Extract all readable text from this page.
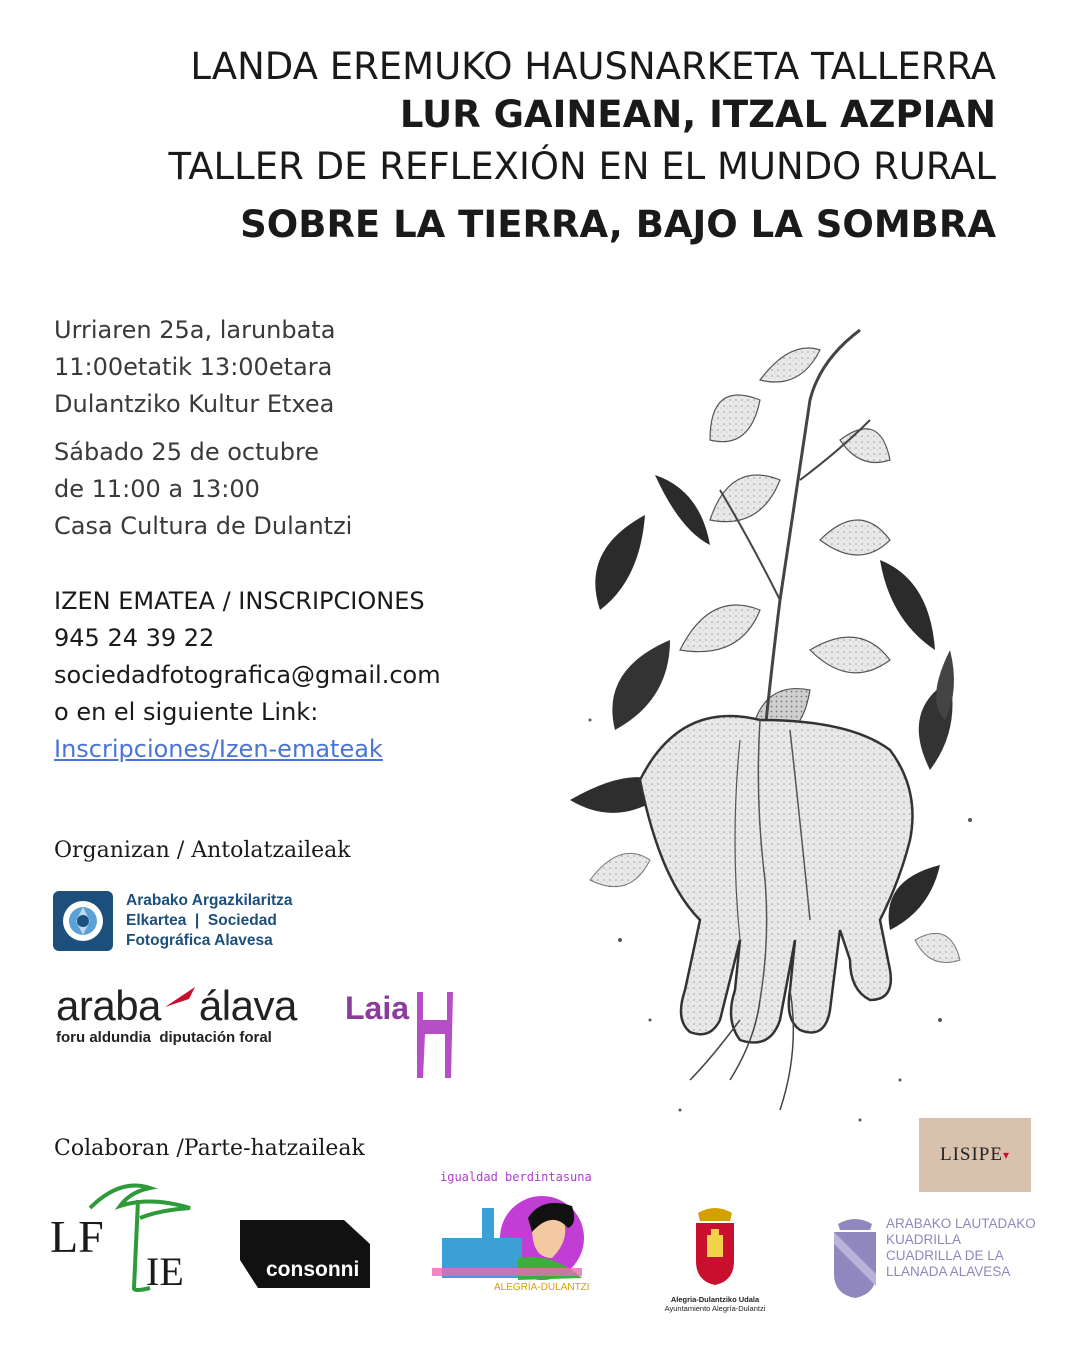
LANDA EREMUKO HAUSNARKETA TALLERRA
LUR GAINEAN, ITZAL AZPIAN
TALLER DE REFLEXIÓN EN EL MUNDO RURAL
SOBRE LA TIERRA, BAJO LA SOMBRA
Urriaren 25a, larunbata
11:00etatik 13:00etara
Dulantziko Kultur Etxea
Sábado 25 de octubre
de 11:00 a 13:00
Casa Cultura de Dulantzi
IZEN EMATEA / INSCRIPCIONES
945 24 39 22
sociedadfotografica@gmail.com
o en el siguiente Link:
Inscripciones/Izen-emateak
Organizan / Antolatzaileak
Arabako Argazkilaritza
Elkartea  |  Sociedad
Fotográfica Alavesa
araba álava
foru aldundia diputación foral
Laia
Colaboran /Parte-hatzaileak	LISIPE ▾
LF
IE	consonni
igualdad berdintasuna
ALEGRÍA-DULANTZI
Alegria-Dulantziko Udala
Ayuntamiento Alegría-Dulantzi
ARABAKO LAUTADAKO
KUADRILLA
CUADRILLA DE LA
LLANADA ALAVESA
